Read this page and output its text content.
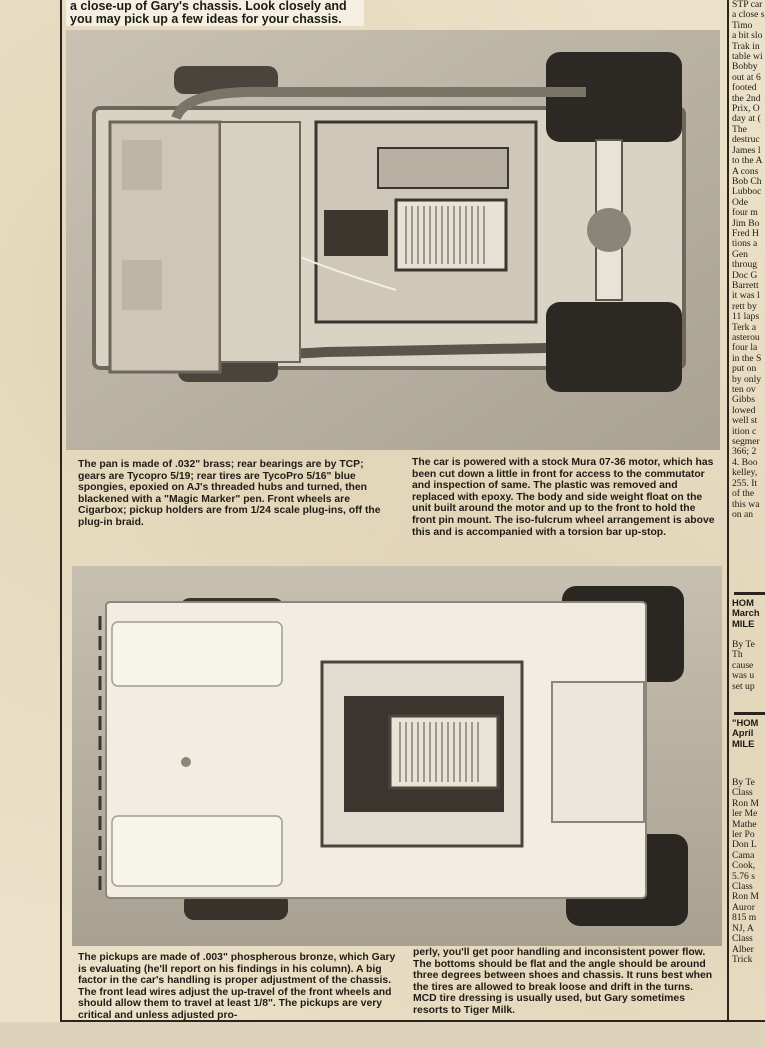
a close-up of Gary's chassis. Look closely and you may pick up a few ideas for your chassis.
The pan is made of .032" brass; rear bearings are by TCP; gears are Tycopro 5/19; rear tires are TycoPro 5/16" blue spongies, epoxied on AJ's threaded hubs and turned, then blackened with a "Magic Marker" pen. Front wheels are Cigarbox; pickup holders are from 1/24 scale plug-ins, off the plug-in braid.
The car is powered with a stock Mura 07-36 motor, which has been cut down a little in front for access to the commutator and inspection of same. The plastic was removed and replaced with epoxy. The body and side weight float on the unit built around the motor and up to the front to hold the front pin mount. The iso-fulcrum wheel arrangement is above this and is accompanied with a torsion bar up-stop.
The pickups are made of .003" phospherous bronze, which Gary is evaluating (he'll report on his findings in his column). A big factor in the car's handling is proper adjustment of the chassis. The front lead wires adjust the up-travel of the front wheels and should allow them to travel at least 1/8". The pickups are very critical and unless adjusted pro-
perly, you'll get poor handling and inconsistent power flow. The bottoms should be flat and the angle should be around three degrees between shoes and chassis. It runs best when the tires are allowed to break loose and drift in the turns. MCD tire dressing is usually used, but Gary sometimes resorts to Tiger Milk.
STP car
a close s
Timo
a bit slo
Trak in
table wi
Bobby
out at 6
footed
the 2nd
Prix, O
day at (
The
destruc
James l
to the A
A cons
Bob Ch
Lubboc
Ode
four m
Jim Bo
Fred H
tions a
Gen
throug
Doc G
Barrett
it was l
rett by
11 laps
Terk a
asterou
four la
in the S
put on
by only
ten ov
Gibbs
lowed
well st
ition c
segmer
366; 2
4. Boo
kelley,
255. It
of the
this wa
on an
HOM
March
MILE
By Te
Th
cause
was u
set up
"HOM
April
MILE
By Te
Class
Ron M
ler Me
Mathe
ler Po
Don L
Cama
Cook,
5.76 s
Class
Ron M
Auror
815 m
NJ, A
Class
Alber
Trick
